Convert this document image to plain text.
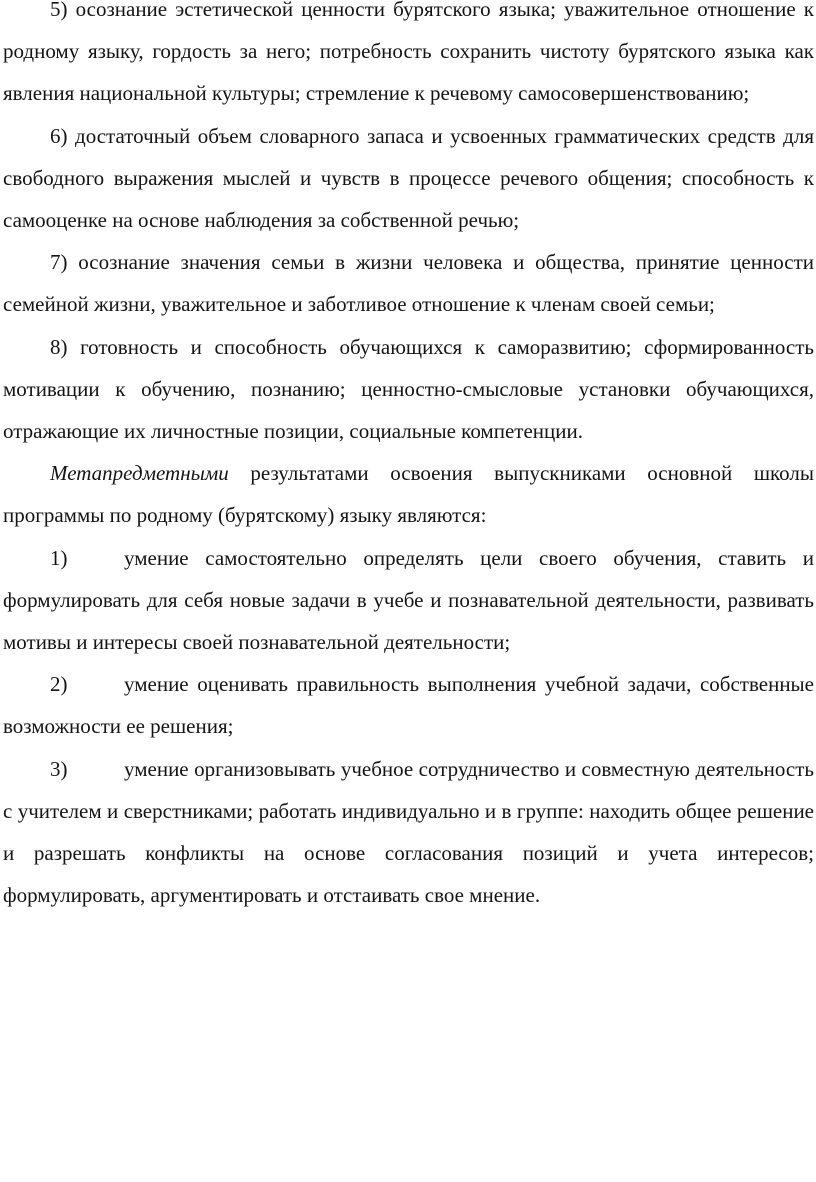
5) осознание эстетической ценности бурятского языка; уважительное отношение к родному языку, гордость за него; потребность сохранить чистоту бурятского языка как явления национальной культуры; стремление к речевому самосовершенствованию;

6) достаточный объем словарного запаса и усвоенных грамматических средств для свободного выражения мыслей и чувств в процессе речевого общения; способность к самооценке на основе наблюдения за собственной речью;

7) осознание значения семьи в жизни человека и общества, принятие ценности семейной жизни, уважительное и заботливое отношение к членам своей семьи;

8) готовность и способность обучающихся к саморазвитию; сформированность мотивации к обучению, познанию; ценностно-смысловые установки обучающихся, отражающие их личностные позиции, социальные компетенции.

Метапредметными результатами освоения выпускниками основной школы программы по родному (бурятскому) языку являются:

1)	умение самостоятельно определять цели своего обучения, ставить и формулировать для себя новые задачи в учебе и познавательной деятельности, развивать мотивы и интересы своей познавательной деятельности;

2)	умение оценивать правильность выполнения учебной задачи, собственные возможности ее решения;

3)	умение организовывать учебное сотрудничество и совместную деятельность с учителем и сверстниками; работать индивидуально и в группе: находить общее решение и разрешать конфликты на основе согласования позиций и учета интересов; формулировать, аргументировать и отстаивать свое мнение.
